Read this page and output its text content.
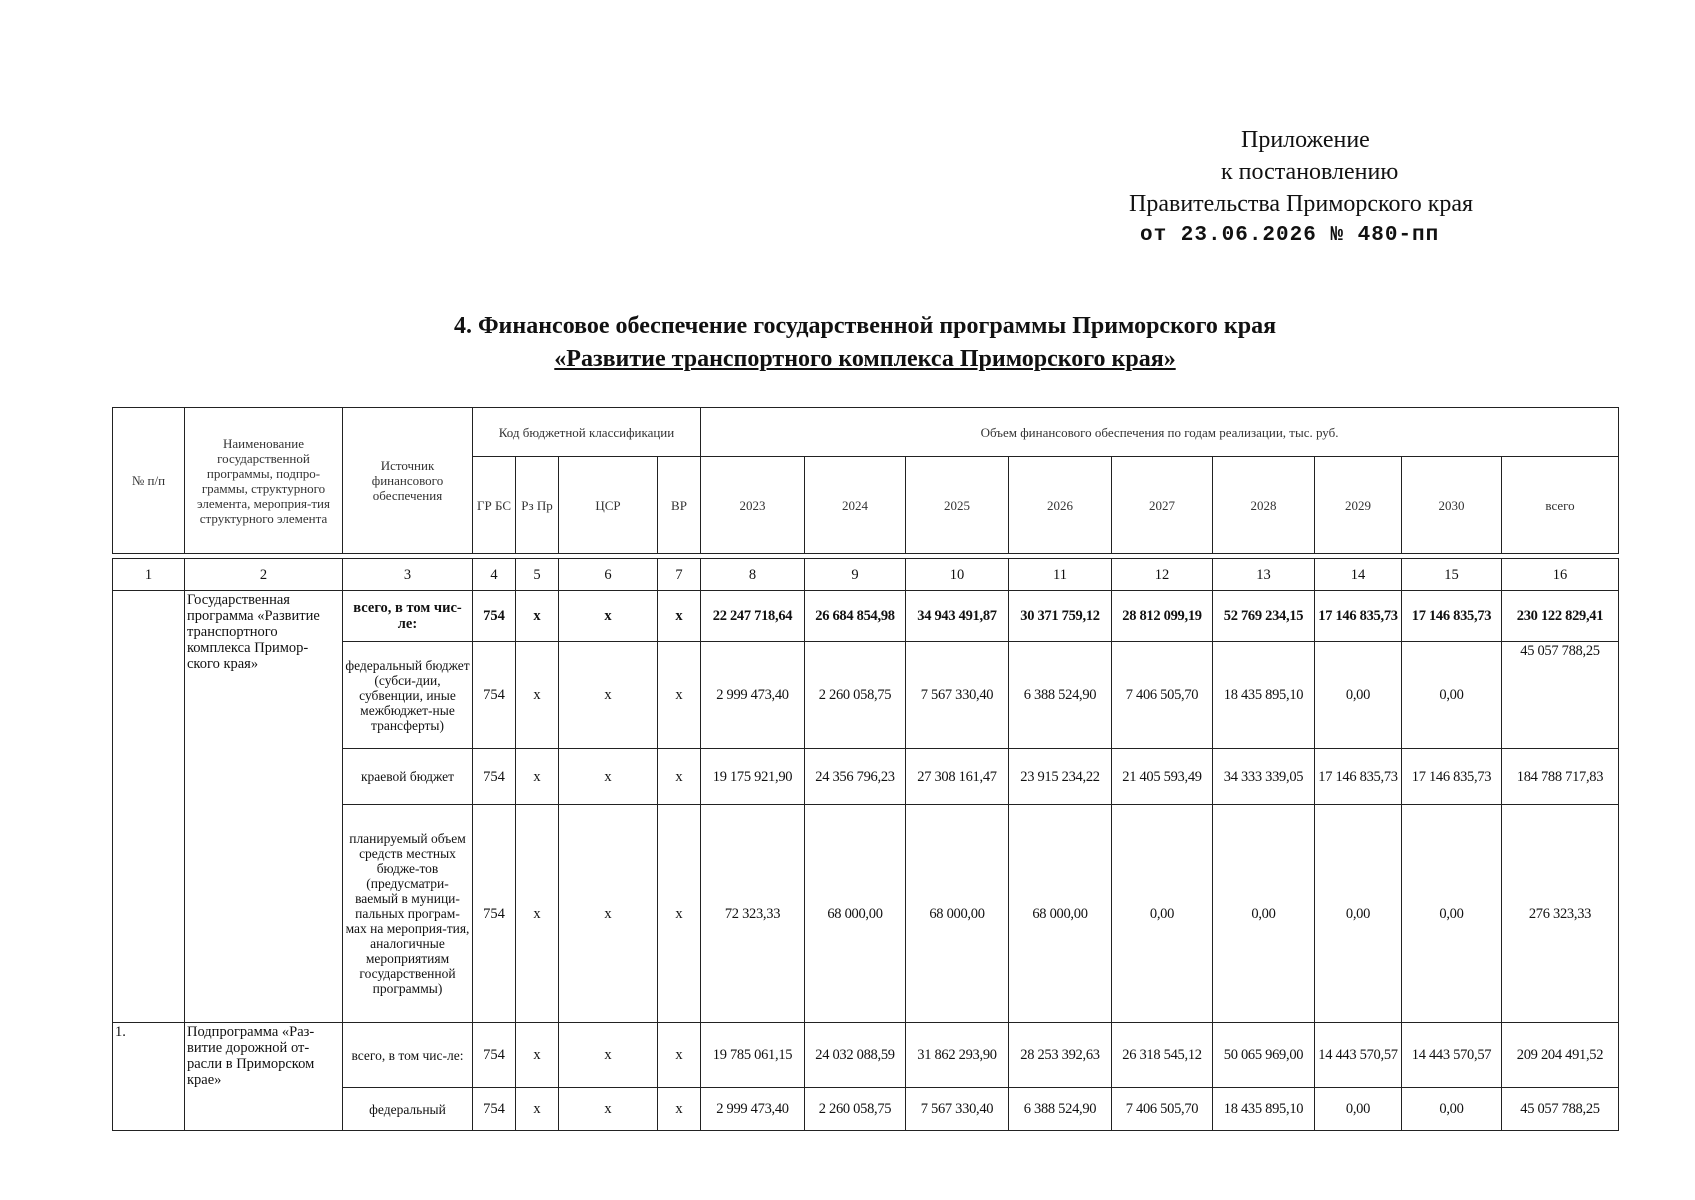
Приложение
к постановлению
Правительства Приморского края
от 23.06.2026 № 480-пп
4. Финансовое обеспечение государственной программы Приморского края
«Развитие транспортного комплекса Приморского края»
№ п/п	Наименование государственной программы, подпро-граммы, структурного элемента, мероприя-тия структурного элемента	Источник финансового обеспечения	Код бюджетной классификации				Объем финансового обеспечения по годам реализации, тыс. руб.								
			ГР БС	Рз Пр	ЦСР	ВР	2023	2024	2025	2026	2027	2028	2029	2030	всего
1	2	3	4	5	6	7	8	9	10	11	12	13	14	15	16
	Государственная программа «Развитие транспортного комплекса Примор-ского края»	всего, в том чис-ле:	754	х	х	х	22 247 718,64	26 684 854,98	34 943 491,87	30 371 759,12	28 812 099,19	52 769 234,15	17 146 835,73	17 146 835,73	230 122 829,41
		федеральный бюджет (субси-дии, субвенции, иные межбюджет-ные трансферты)	754	х	х	х	2 999 473,40	2 260 058,75	7 567 330,40	6 388 524,90	7 406 505,70	18 435 895,10	0,00	0,00	45 057 788,25
		краевой бюджет	754	х	х	х	19 175 921,90	24 356 796,23	27 308 161,47	23 915 234,22	21 405 593,49	34 333 339,05	17 146 835,73	17 146 835,73	184 788 717,83
		планируемый объем средств местных бюдже-тов (предусматри-ваемый в муници-пальных програм-мах на мероприя-тия, аналогичные мероприятиям государственной программы)	754	х	х	х	72 323,33	68 000,00	68 000,00	68 000,00	0,00	0,00	0,00	0,00	276 323,33
1.	Подпрограмма «Раз-витие дорожной от-расли в Приморском крае»	всего, в том чис-ле:	754	х	х	х	19 785 061,15	24 032 088,59	31 862 293,90	28 253 392,63	26 318 545,12	50 065 969,00	14 443 570,57	14 443 570,57	209 204 491,52
		федеральный	754	х	х	х	2 999 473,40	2 260 058,75	7 567 330,40	6 388 524,90	7 406 505,70	18 435 895,10	0,00	0,00	45 057 788,25
